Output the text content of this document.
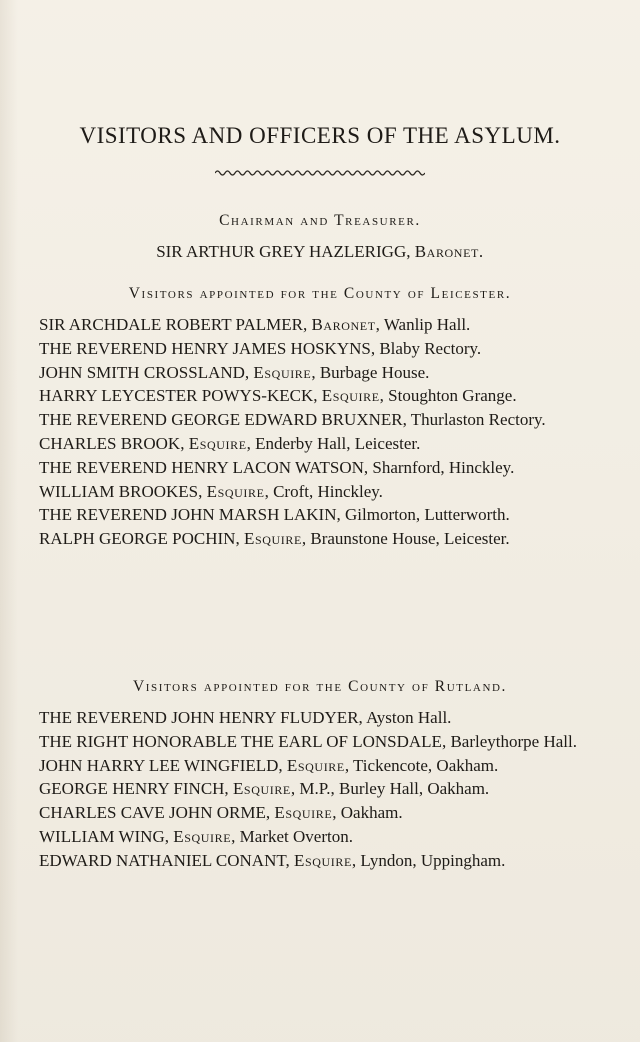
VISITORS AND OFFICERS OF THE ASYLUM.
Chairman and Treasurer.
SIR ARTHUR GREY HAZLERIGG, Baronet.
Visitors appointed for the County of Leicester.

SIR ARCHDALE ROBERT PALMER, Baronet, Wanlip Hall.

THE REVEREND HENRY JAMES HOSKYNS, Blaby Rectory.

JOHN SMITH CROSSLAND, Esquire, Burbage House.

HARRY LEYCESTER POWYS-KECK, Esquire, Stoughton Grange.

THE REVEREND GEORGE EDWARD BRUXNER, Thurlaston Rectory.

CHARLES BROOK, Esquire, Enderby Hall, Leicester.

THE REVEREND HENRY LACON WATSON, Sharnford, Hinckley.

WILLIAM BROOKES, Esquire, Croft, Hinckley.

THE REVEREND JOHN MARSH LAKIN, Gilmorton, Lutterworth.

RALPH GEORGE POCHIN, Esquire, Braunstone House, Leicester.

Visitors appointed for the County of Rutland.

THE REVEREND JOHN HENRY FLUDYER, Ayston Hall.

THE RIGHT HONORABLE THE EARL OF LONSDALE, Barleythorpe Hall.

JOHN HARRY LEE WINGFIELD, Esquire, Tickencote, Oakham.

GEORGE HENRY FINCH, Esquire, M.P., Burley Hall, Oakham.

CHARLES CAVE JOHN ORME, Esquire, Oakham.

WILLIAM WING, Esquire, Market Overton.

EDWARD NATHANIEL CONANT, Esquire, Lyndon, Uppingham.
